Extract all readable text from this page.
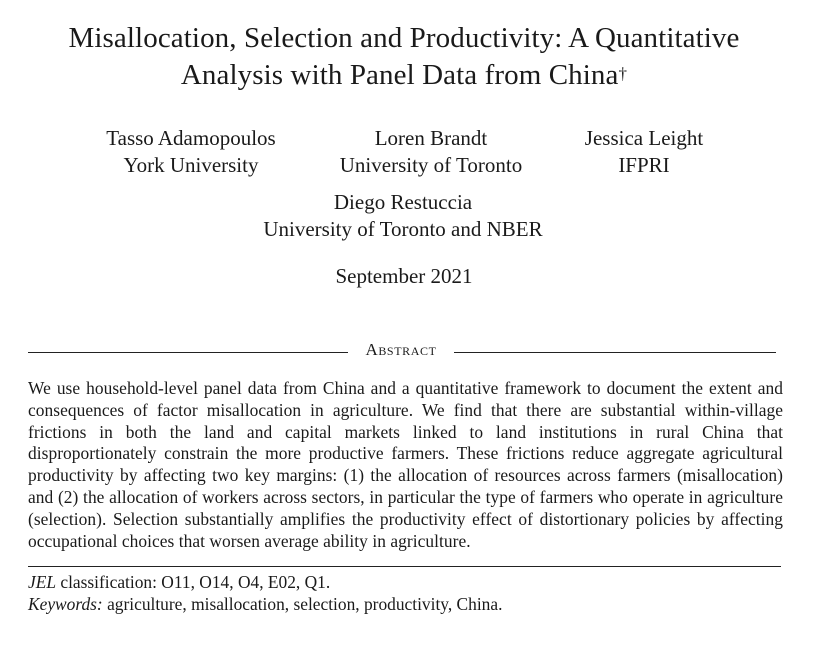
Misallocation, Selection and Productivity: A Quantitative
Analysis with Panel Data from China†
Tasso Adamopoulos
York University
Loren Brandt
University of Toronto
Jessica Leight
IFPRI
Diego Restuccia
University of Toronto and NBER
September 2021
Abstract
We use household-level panel data from China and a quantitative framework to document the extent and consequences of factor misallocation in agriculture. We find that there are substantial within-village frictions in both the land and capital markets linked to land institutions in rural China that disproportionately constrain the more productive farmers. These frictions reduce aggregate agricultural productivity by affecting two key margins: (1) the allocation of resources across farmers (misallocation) and (2) the allocation of workers across sectors, in particular the type of farmers who operate in agriculture (selection). Selection substantially amplifies the productivity effect of distortionary policies by affecting occupational choices that worsen average ability in agriculture.
JEL classification: O11, O14, O4, E02, Q1.
Keywords: agriculture, misallocation, selection, productivity, China.
